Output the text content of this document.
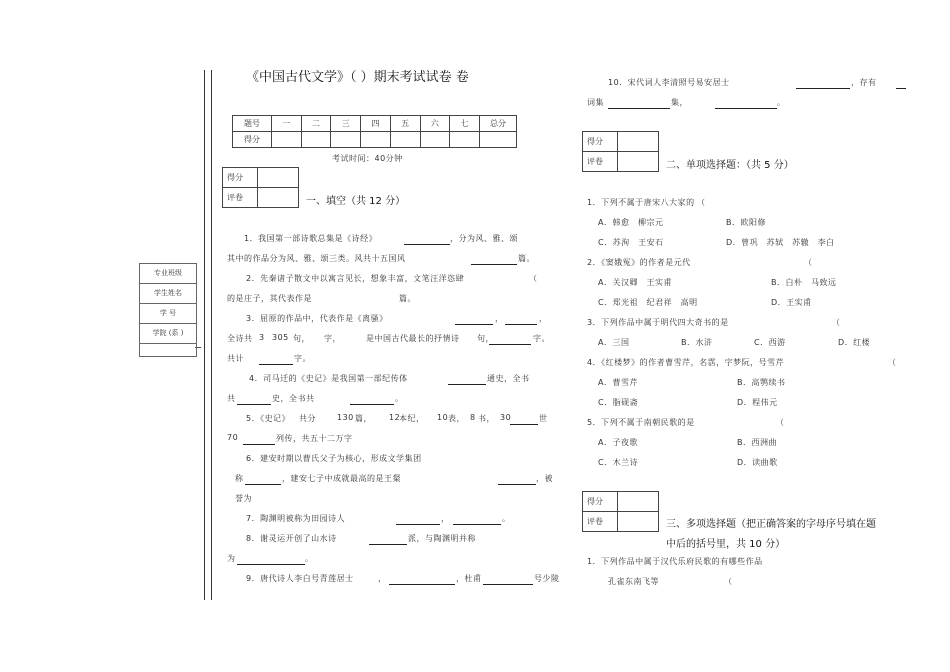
专业班级
学生姓名
学 号
学院 (系 )
《中国古代文学》（ ）期末考试试卷 卷
题号	一	二	三	四	五	六	七	总分
得分								
考试时间：40分钟
得分	
评卷		一、填空（共 12 分）
1．我国第一部诗歌总集是《诗经》	，分为风、雅、颂
其中的作品分为风、雅、颂三类。风共十五国风	篇。
2．先秦诸子散文中以寓言见长，想象丰富，文笔汪洋恣肆	（
的是庄子，其代表作是	篇。
3．屈原的作品中，代表作是《离骚》	，	，
全诗共 3 305 句， 字，	是中国古代最长的抒情诗 句，	字。
共计	字。
4．司马迁的《史记》是我国第一部纪传体	通史，全书
共	史，全书共	。
5．《史记》 共分	130 篇， 12
本纪， 10 表， 8 书， 30	世
70	列传，共五十二万字
6．建安时期以曹氏父子为核心，形成文学集团
称	，建安七子中成就最高的是王粲	，被
誉为
7．陶渊明被称为田园诗人	，	。
8．谢灵运开创了山水诗	派，与陶渊明并称
为	。
9．唐代诗人李白号青莲居士	，	，杜甫	号少陵
10．宋代词人李清照号易安居士	，存有
词集	集，	。
得分	
评卷		二、单项选择题：（共 5 分）
1．下列不属于唐宋八大家的 （
A．韩愈　柳宗元	B．欧阳修
C．苏洵　王安石	D．曾巩　苏轼　苏辙　李白
2．《窦娥冤》的作者是元代	（
A．关汉卿　王实甫	B．白朴　马致远
C．郑光祖　纪君祥　高明	D．王实甫
3．下列作品中属于明代四大奇书的是	（
A．三国	B．水浒	C．西游	D．红楼
4．《红楼梦》的作者曹雪芹，名霑，字梦阮，号雪芹	（
A．曹雪芹	B．高鹗续书
C．脂砚斋	D．程伟元
5．下列不属于南朝民歌的是	（
A．子夜歌	B．西洲曲
C．木兰诗	D．读曲歌
得分	
评卷		三、多项选择题（把正确答案的字母序号填在题
中后的括号里，共 10 分）
1．下列作品中属于汉代乐府民歌的有哪些作品
孔雀东南飞等	（
